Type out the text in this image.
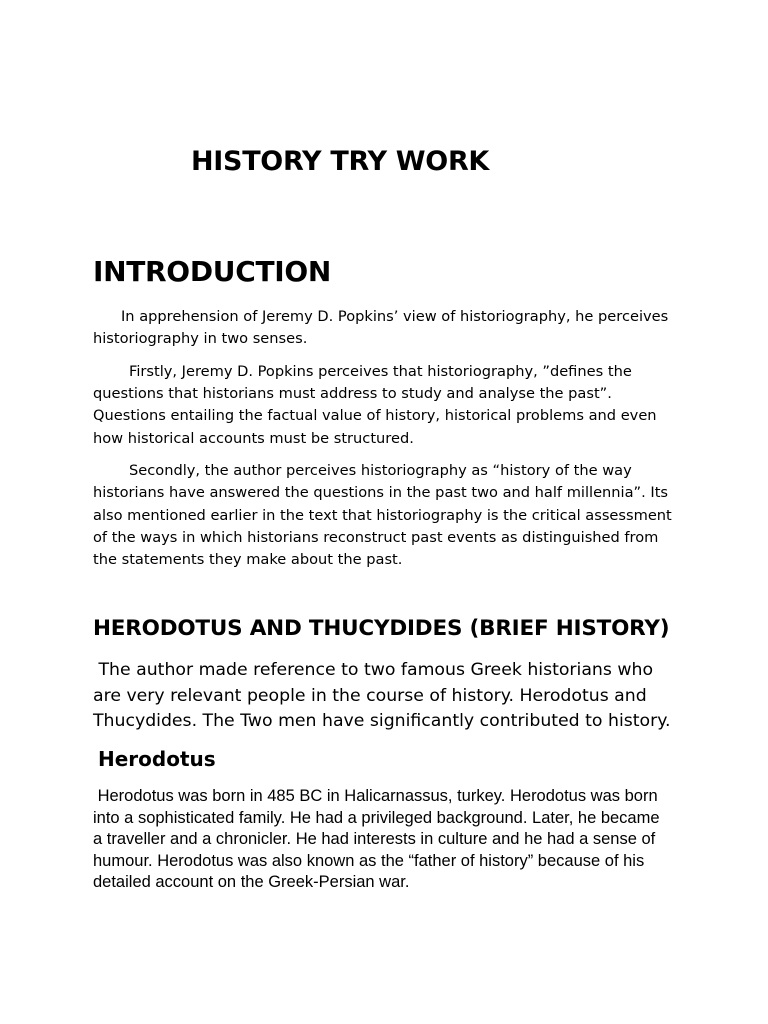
HISTORY TRY WORK
INTRODUCTION

In apprehension of Jeremy D. Popkins’ view of historiography, he perceives historiography in two senses.

Firstly, Jeremy D. Popkins perceives that historiography, ”defines the questions that historians must address to study and analyse the past”. Questions entailing the factual value of history, historical problems and even how historical accounts must be structured.

Secondly, the author perceives historiography as “history of the way historians have answered the questions in the past two and half millennia”. Its also mentioned earlier in the text that historiography is the critical assessment of the ways in which historians reconstruct past events as distinguished from the statements they make about the past.

HERODOTUS AND THUCYDIDES (BRIEF HISTORY)

The author made reference to two famous Greek historians who are very relevant people in the course of history. Herodotus and Thucydides. The Two men have significantly contributed to history.

Herodotus

Herodotus was born in 485 BC in Halicarnassus, turkey. Herodotus was born into a sophisticated family. He had a privileged background. Later, he became a traveller and a chronicler. He had interests in culture and he had a sense of humour. Herodotus was also known as the “father of history” because of his detailed account on the Greek-Persian war.
